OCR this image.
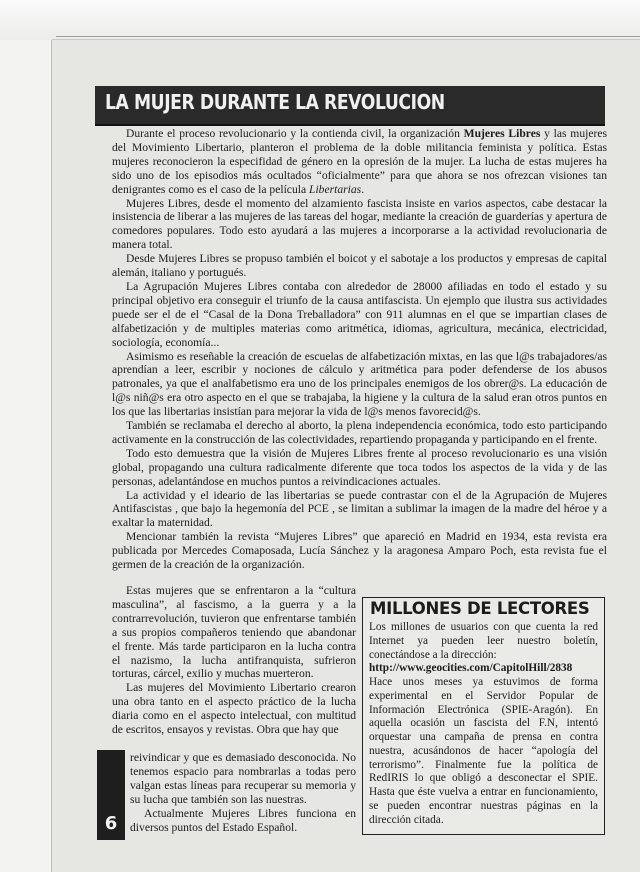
LA MUJER DURANTE LA REVOLUCION

Durante el proceso revolucionario y la contienda civil, la organización Mujeres Libres y las mujeres del Movimiento Libertario, planteron el problema de la doble militancia feminista y política. Estas mujeres reconocieron la especifidad de género en la opresión de la mujer. La lucha de estas mujeres ha sido uno de los episodios más ocultados “oficialmente” para que ahora se nos ofrezcan visiones tan denigrantes como es el caso de la película Libertarias.

Mujeres Libres, desde el momento del alzamiento fascista insiste en varios aspectos, cabe destacar la insistencia de liberar a las mujeres de las tareas del hogar, mediante la creación de guarderías y apertura de comedores populares. Todo esto ayudará a las mujeres a incorporarse a la actividad revolucionaria de manera total.

Desde Mujeres Libres se propuso también el boicot y el sabotaje a los productos y empresas de capital alemán, italiano y portugués.

La Agrupación Mujeres Libres contaba con alrededor de 28000 afiliadas en todo el estado y su principal objetivo era conseguir el triunfo de la causa antifascista. Un ejemplo que ilustra sus actividades puede ser el de el “Casal de la Dona Treballadora” con 911 alumnas en el que se impartian clases de alfabetización y de multiples materias como aritmética, idiomas, agricultura, mecánica, electricidad, sociología, economía...

Asimismo es reseñable la creación de escuelas de alfabetización mixtas, en las que l@s trabajadores/as aprendían a leer, escribir y nociones de cálculo y aritmética para poder defenderse de los abusos patronales, ya que el analfabetismo era uno de los principales enemigos de los obrer@s. La educación de l@s niñ@s era otro aspecto en el que se trabajaba, la higiene y la cultura de la salud eran otros puntos en los que las libertarias insistían para mejorar la vida de l@s menos favorecid@s.

También se reclamaba el derecho al aborto, la plena independencia económica, todo esto participando activamente en la construcción de las colectividades, repartiendo propaganda y participando en el frente.

Todo esto demuestra que la visión de Mujeres Libres frente al proceso revolucionario es una visión global, propagando una cultura radicalmente diferente que toca todos los aspectos de la vida y de las personas, adelantándose en muchos puntos a reivindicaciones actuales.

La actividad y el ideario de las libertarias se puede contrastar con el de la Agrupación de Mujeres Antifascistas , que bajo la hegemonía del PCE , se limitan a sublimar la imagen de la madre del héroe y a exaltar la maternidad.

Mencionar también la revista “Mujeres Libres” que apareció en Madrid en 1934, esta revista era publicada por Mercedes Comaposada, Lucía Sánchez y la aragonesa Amparo Poch, esta revista fue el germen de la creación de la organización.

Estas mujeres que se enfrentaron a la “cultura masculina”, al fascismo, a la guerra y a la contrarrevolución, tuvieron que enfrentarse también a sus propios compañeros teniendo que abandonar el frente. Más tarde participaron en la lucha contra el nazismo, la lucha antifranquista, sufrieron torturas, cárcel, exilio y muchas muerteron.

Las mujeres del Movimiento Libertario crearon una obra tanto en el aspecto práctico de la lucha diaria como en el aspecto intelectual, con multitud de escritos, ensayos y revistas. Obra que hay que

6

reivindicar y que es demasiado desconocida. No tenemos espacio para nombrarlas a todas pero valgan estas líneas para recuperar su memoria y su lucha que también son las nuestras.

Actualmente Mujeres Libres funciona en diversos puntos del Estado Español.

MILLONES DE LECTORES

Los millones de usuarios con que cuenta la red Internet ya pueden leer nuestro boletín, conectándose a la dirección:

http://www.geocities.com/CapitolHill/2838

Hace unos meses ya estuvimos de forma experimental en el Servidor Popular de Información Electrónica (SPIE-Aragón). En aquella ocasión un fascista del F.N, intentó orquestar una campaña de prensa en contra nuestra, acusándonos de hacer “apología del terrorismo”. Finalmente fue la política de RedIRIS lo que obligó a desconectar el SPIE. Hasta que éste vuelva a entrar en funcionamiento, se pueden encontrar nuestras páginas en la dirección citada.
